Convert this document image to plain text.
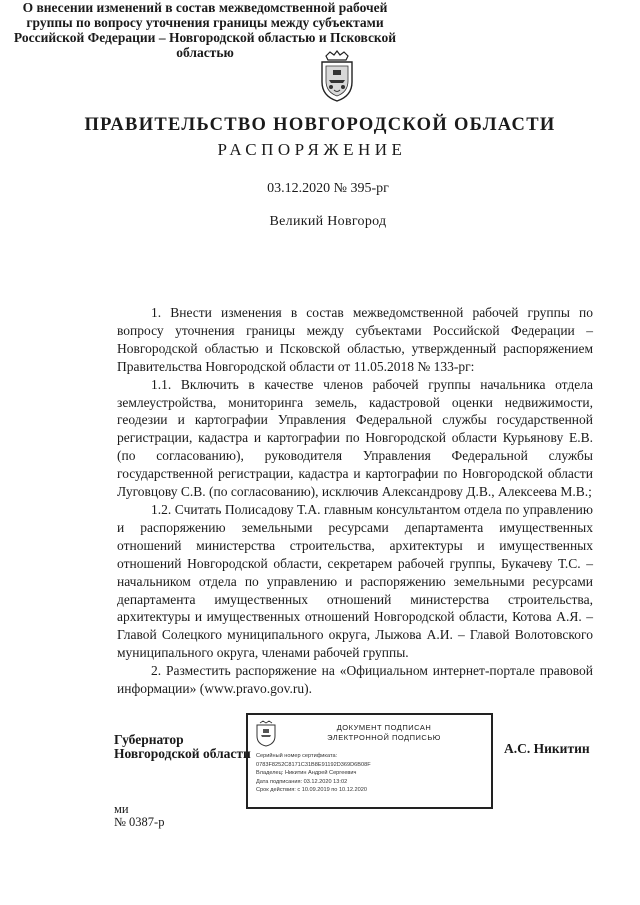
ПРАВИТЕЛЬСТВО НОВГОРОДСКОЙ ОБЛАСТИ
РАСПОРЯЖЕНИЕ
03.12.2020 № 395-рг
Великий Новгород
О внесении изменений в состав межведомственной рабочей группы по вопросу уточнения границы между субъектами Российской Федерации – Новгородской областью и Псковской областью

1. Внести изменения в состав межведомственной рабочей группы по вопросу уточнения границы между субъектами Российской Федерации – Новгородской областью и Псковской областью, утвержденный распоряжением Правительства Новгородской области от 11.05.2018 № 133-рг:

1.1. Включить в качестве членов рабочей группы начальника отдела землеустройства, мониторинга земель, кадастровой оценки недвижимости, геодезии и картографии Управления Федеральной службы государственной регистрации, кадастра и картографии по Новгородской области Курьянову Е.В. (по согласованию), руководителя Управления Федеральной службы государственной регистрации, кадастра и картографии по Новгородской области Луговцову С.В. (по согласованию), исключив Александрову Д.В., Алексеева М.В.;

1.2. Считать Полисадову Т.А. главным консультантом отдела по управлению и распоряжению земельными ресурсами департамента имущественных отношений министерства строительства, архитектуры и имущественных отношений Новгородской области, секретарем рабочей группы, Букачеву Т.С. – начальником отдела по управлению и распоряжению земельными ресурсами департамента имущественных отношений министерства строительства, архитектуры и имущественных отношений Новгородской области, Котова А.Я. – Главой Солецкого муниципального округа, Лыжова А.И. – Главой Волотовского муниципального округа, членами рабочей группы.

2. Разместить распоряжение на «Официальном интернет-портале правовой информации» (www.pravo.gov.ru).

Губернатор
Новгородской области
ДОКУМЕНТ ПОДПИСАН
ЭЛЕКТРОННОЙ ПОДПИСЬЮ
Серийный номер сертификата:
0783F8252C8171C31B8E91192D369D6B08F
Владелец: Никитин Андрей Сергеевич
Дата подписания: 03.12.2020 13:02
Срок действия: с 10.09.2019 по 10.12.2020
А.С. Никитин
ми
№ 0387-р
